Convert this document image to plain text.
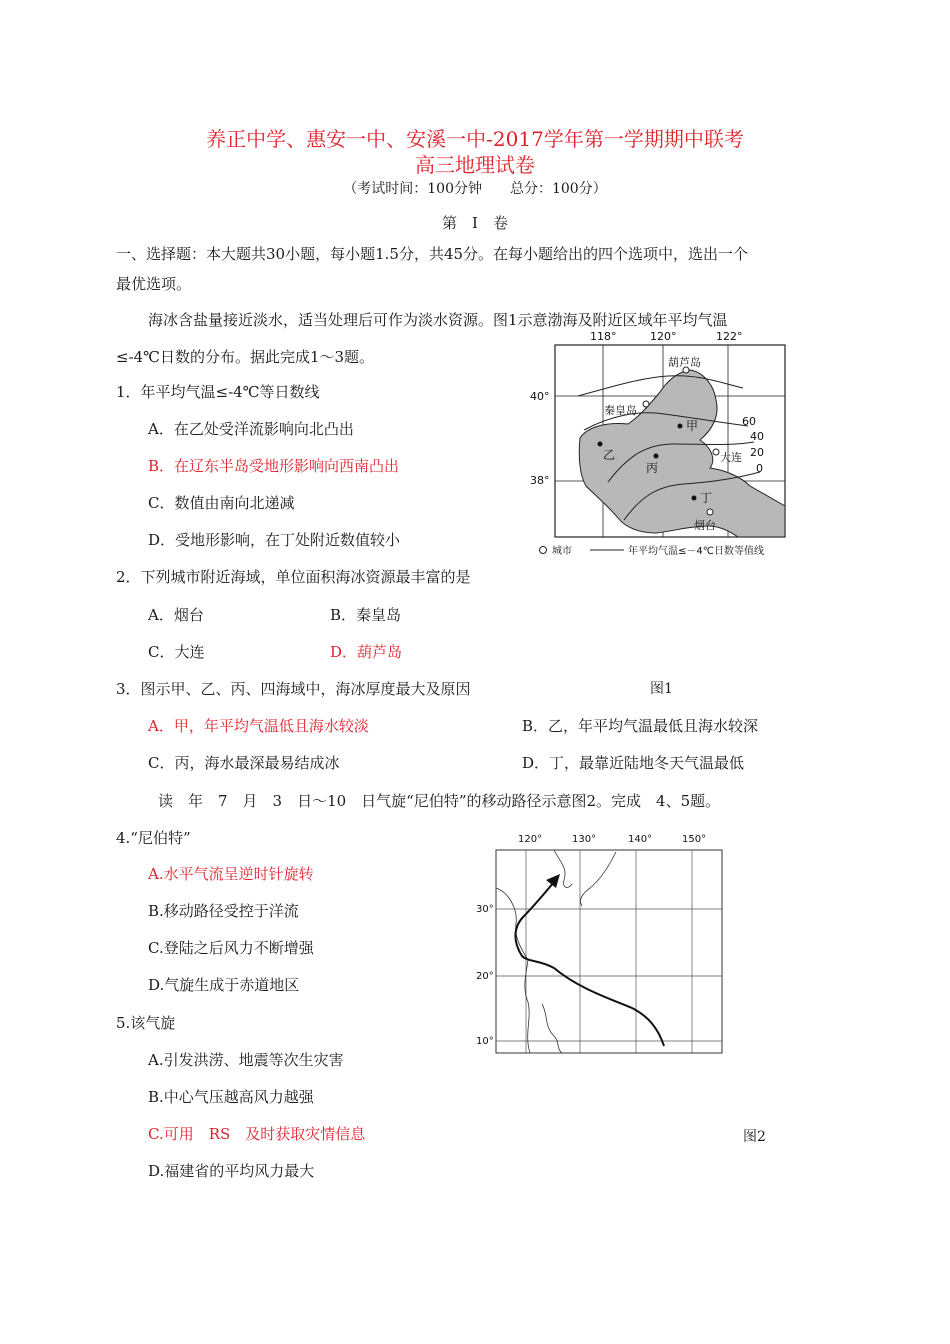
养正中学、惠安一中、安溪一中-2017学年第一学期期中联考
高三地理试卷
（考试时间：100分钟　　总分：100分）
第　Ⅰ　卷
一、选择题：本大题共30小题，每小题1.5分，共45分。在每小题给出的四个选项中，选出一个
最优选项。
海冰含盐量接近淡水，适当处理后可作为淡水资源。图1示意渤海及附近区域年平均气温
≤-4℃日数的分布。据此完成1～3题。
1．年平均气温≤-4℃等日数线
A．在乙处受洋流影响向北凸出
B．在辽东半岛受地形影响向西南凸出
C．数值由南向北递减
D．受地形影响，在丁处附近数值较小
2．下列城市附近海域，单位面积海冰资源最丰富的是
A．烟台	B．秦皇岛
C．大连	D．葫芦岛
3．图示甲、乙、丙、四海域中，海冰厚度最大及原因	图1
A．甲，年平均气温低且海水较淡	B．乙，年平均气温最低且海水较深
C．丙，海水最深最易结成冰	D．丁，最靠近陆地冬天气温最低
读　年　7　月　3　日～10　日气旋“尼伯特”的移动路径示意图2。完成　4、5题。
4.“尼伯特”
A.水平气流呈逆时针旋转
B.移动路径受控于洋流
C.登陆之后风力不断增强
D.气旋生成于赤道地区
5.该气旋
A.引发洪涝、地震等次生灾害
B.中心气压越高风力越强
C.可用　RS　及时获取灾情信息	图2
D.福建省的平均风力最大
118°	120°	122°
40°
38°
葫芦岛
秦皇岛
大连
烟台
甲
乙
丙
丁
60
40
20
0
城市	年平均气温≤－4℃日数等值线
120°	130°	140°	150°
30°
20°
10°
